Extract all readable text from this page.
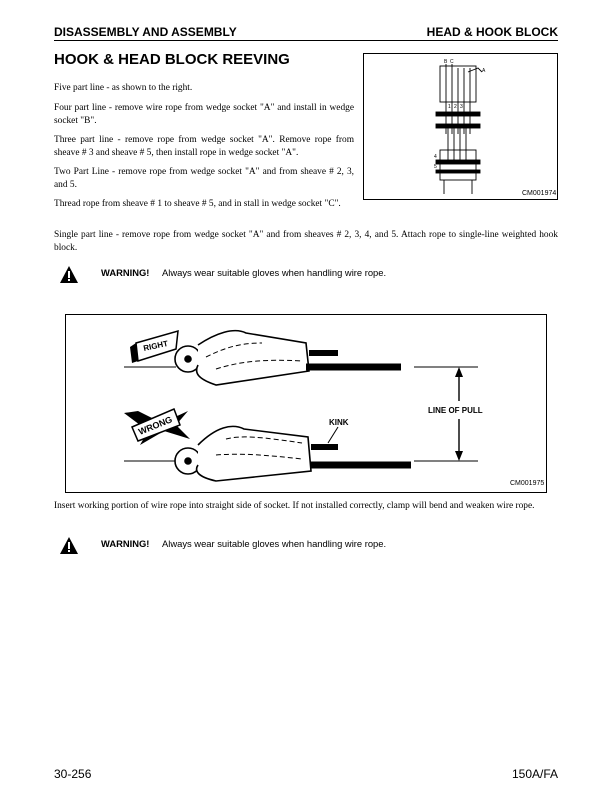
DISASSEMBLY AND ASSEMBLY	HEAD & HOOK BLOCK
HOOK & HEAD BLOCK REEVING

Five part line - as shown to the right.

Four part line - remove wire rope from wedge socket "A" and install in wedge socket "B".

Three part line - remove rope from wedge socket "A". Remove rope from sheave # 3 and sheave # 5, then install rope in wedge socket "A".

Two Part Line - remove rope from wedge socket "A" and from sheave # 2, 3, and 5.

Thread rope from sheave # 1 to sheave # 5, and in stall in wedge socket "C".

Single part line - remove rope from wedge socket "A" and from sheaves # 2, 3, 4, and 5. Attach rope to single-line weighted hook block.

B C
A
1 2 3
4
5
CM001974
WARNING! Always wear suitable gloves when handling wire rope.
RIGHT
WRONG	KINK
LINE OF PULL
CM001975

Insert working portion of wire rope into straight side of socket. If not installed correctly, clamp will bend and weaken wire rope.

WARNING! Always wear suitable gloves when handling wire rope.
30-256	150A/FA
